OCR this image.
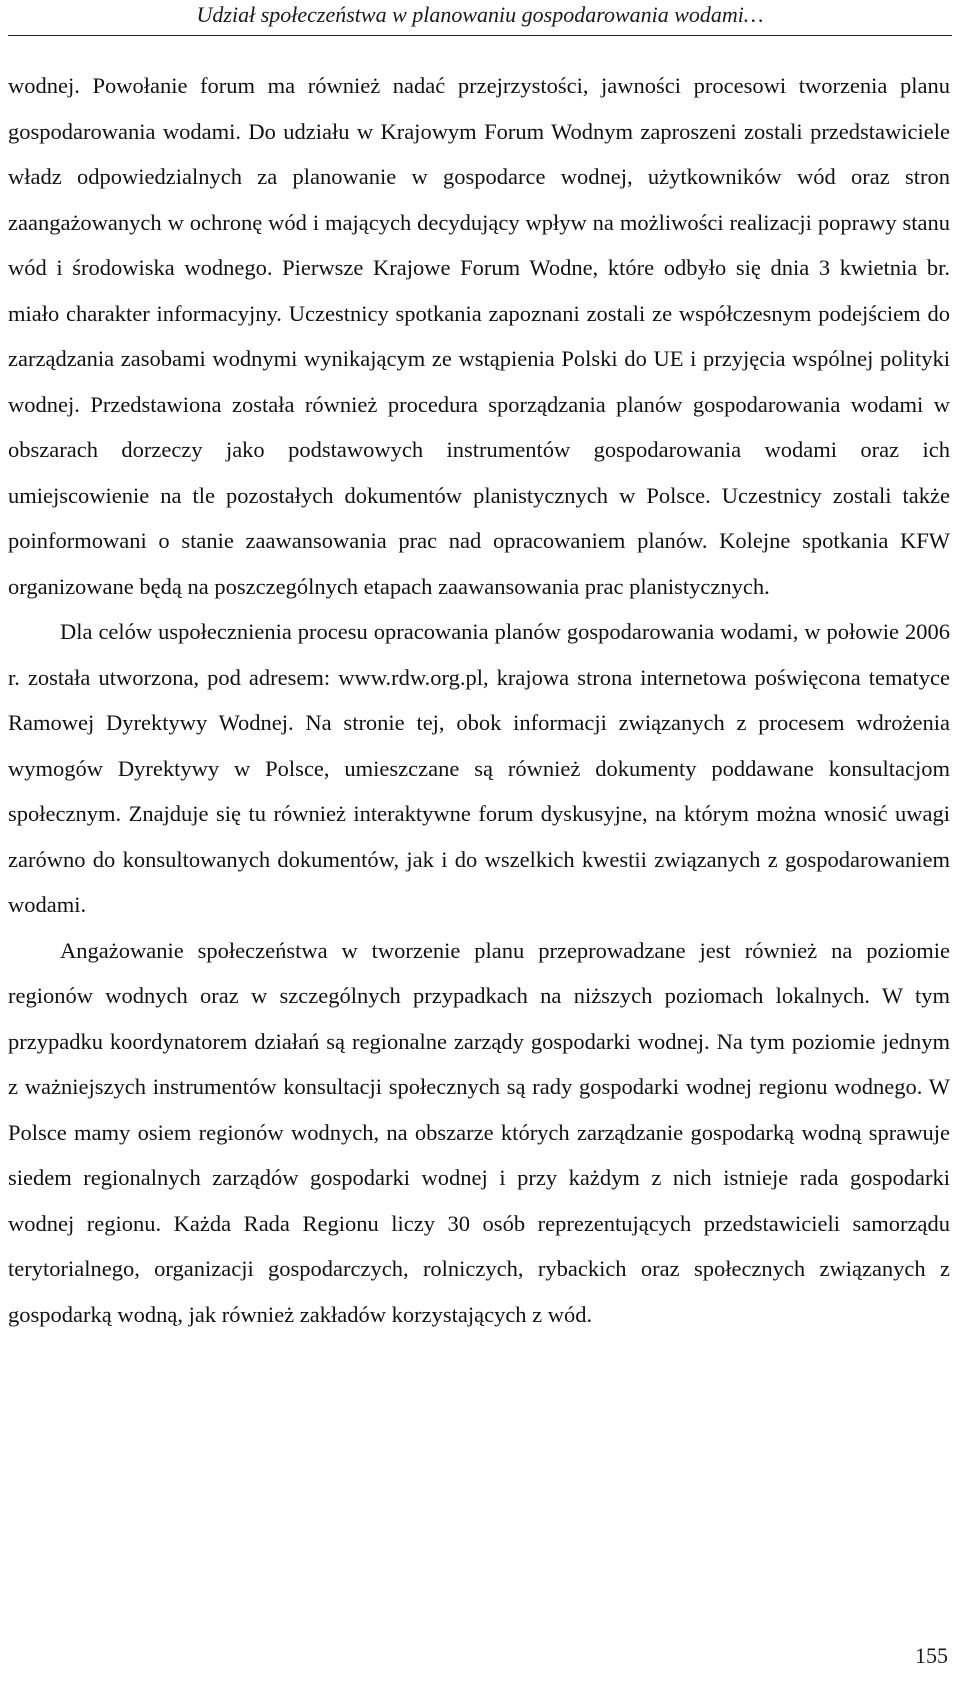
Udział społeczeństwa w planowaniu gospodarowania wodami…

wodnej. Powołanie forum ma również nadać przejrzystości, jawności procesowi tworzenia planu gospodarowania wodami. Do udziału w Krajowym Forum Wodnym zaproszeni zostali przedstawiciele władz odpowiedzialnych za planowanie w gospodarce wodnej, użytkowników wód oraz stron zaangażowanych w ochronę wód i mających decydujący wpływ na możliwości realizacji poprawy stanu wód i środowiska wodnego. Pierwsze Krajowe Forum Wodne, które odbyło się dnia 3 kwietnia br. miało charakter informacyjny. Uczestnicy spotkania zapoznani zostali ze współczesnym podejściem do zarządzania zasobami wodnymi wynikającym ze wstąpienia Polski do UE i przyjęcia wspólnej polityki wodnej. Przedstawiona została również procedura sporządzania planów gospodarowania wodami w obszarach dorzeczy jako podstawowych instrumentów gospodarowania wodami oraz ich umiejscowienie na tle pozostałych dokumentów planistycznych w Polsce. Uczestnicy zostali także poinformowani o stanie zaawansowania prac nad opracowaniem planów. Kolejne spotkania KFW organizowane będą na poszczególnych etapach zaawansowania prac planistycznych.

Dla celów uspołecznienia procesu opracowania planów gospodarowania wodami, w połowie 2006 r. została utworzona, pod adresem: www.rdw.org.pl, krajowa strona internetowa poświęcona tematyce Ramowej Dyrektywy Wodnej. Na stronie tej, obok informacji związanych z procesem wdrożenia wymogów Dyrektywy w Polsce, umieszczane są również dokumenty poddawane konsultacjom społecznym. Znajduje się tu również interaktywne forum dyskusyjne, na którym można wnosić uwagi zarówno do konsultowanych dokumentów, jak i do wszelkich kwestii związanych z gospodarowaniem wodami.

Angażowanie społeczeństwa w tworzenie planu przeprowadzane jest również na poziomie regionów wodnych oraz w szczególnych przypadkach na niższych poziomach lokalnych. W tym przypadku koordynatorem działań są regionalne zarządy gospodarki wodnej. Na tym poziomie jednym z ważniejszych instrumentów konsultacji społecznych są rady gospodarki wodnej regionu wodnego. W Polsce mamy osiem regionów wodnych, na obszarze których zarządzanie gospodarką wodną sprawuje siedem regionalnych zarządów gospodarki wodnej i przy każdym z nich istnieje rada gospodarki wodnej regionu. Każda Rada Regionu liczy 30 osób reprezentujących przedstawicieli samorządu terytorialnego, organizacji gospodarczych, rolniczych, rybackich oraz społecznych związanych z gospodarką wodną, jak również zakładów korzystających z wód.

155
